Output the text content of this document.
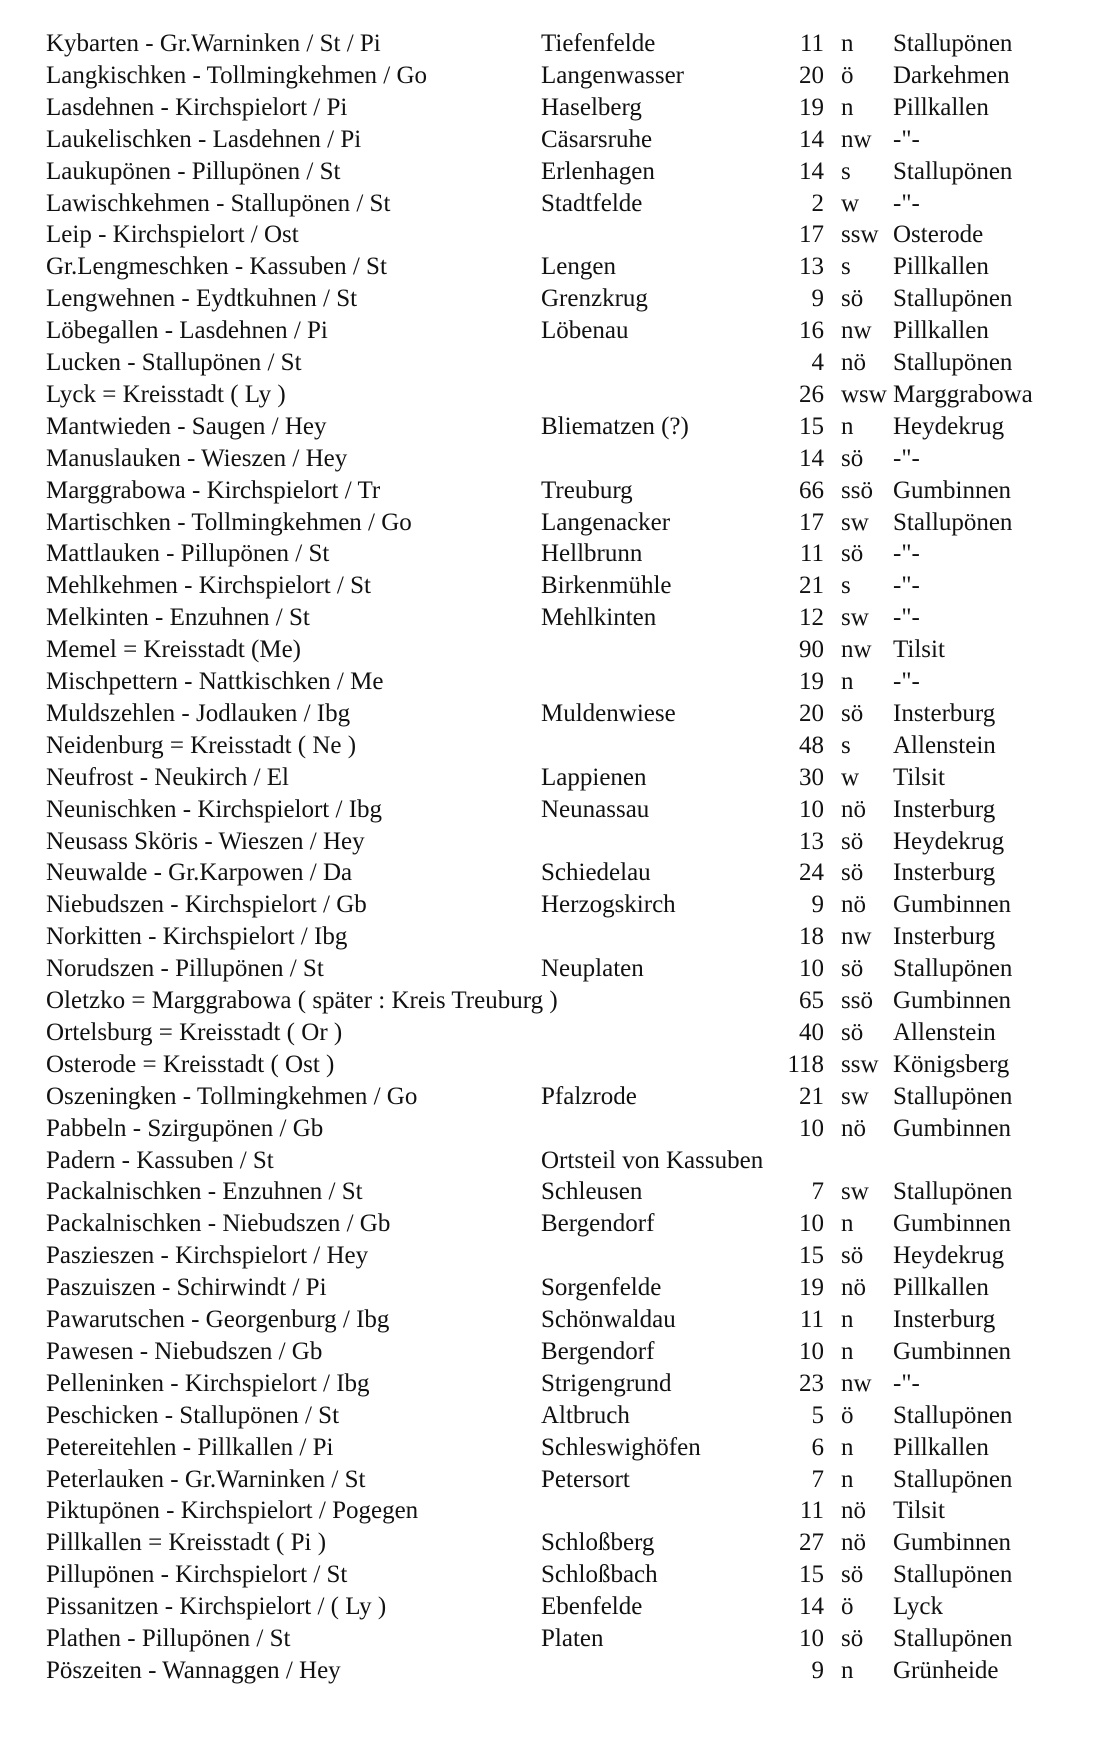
Kybarten - Gr.Warninken / St / Pi	Tiefenfelde	11 n Stallupönen
Langkischken - Tollmingkehmen / Go	Langenwasser	20 ö Darkehmen
Lasdehnen - Kirchspielort / Pi	Haselberg	19 n Pillkallen
Laukelischken - Lasdehnen / Pi	Cäsarsruhe	14 nw -"-
Laukupönen - Pillupönen / St	Erlenhagen	14 s Stallupönen
Lawischkehmen - Stallupönen / St	Stadtfelde	2 w -"-
Leip - Kirchspielort / Ost	17 ssw Osterode
Gr.Lengmeschken - Kassuben / St	Lengen	13 s Pillkallen
Lengwehnen - Eydtkuhnen / St	Grenzkrug	9 sö Stallupönen
Löbegallen - Lasdehnen / Pi	Löbenau	16 nw Pillkallen
Lucken - Stallupönen / St	4 nö Stallupönen
Lyck = Kreisstadt ( Ly )	26 wsw Marggrabowa
Mantwieden - Saugen / Hey	Bliematzen (?)	15 n Heydekrug
Manuslauken - Wieszen / Hey	14 sö -"-
Marggrabowa - Kirchspielort / Tr	Treuburg	66 ssö Gumbinnen
Martischken - Tollmingkehmen / Go	Langenacker	17 sw Stallupönen
Mattlauken - Pillupönen / St	Hellbrunn	11 sö -"-
Mehlkehmen - Kirchspielort / St	Birkenmühle	21 s -"-
Melkinten - Enzuhnen / St	Mehlkinten	12 sw -"-
Memel = Kreisstadt (Me)	90 nw Tilsit
Mischpettern - Nattkischken / Me	19 n -"-
Muldszehlen - Jodlauken / Ibg	Muldenwiese	20 sö Insterburg
Neidenburg = Kreisstadt ( Ne )	48 s Allenstein
Neufrost - Neukirch / El	Lappienen	30 w Tilsit
Neunischken - Kirchspielort / Ibg	Neunassau	10 nö Insterburg
Neusass Sköris - Wieszen / Hey	13 sö Heydekrug
Neuwalde - Gr.Karpowen / Da	Schiedelau	24 sö Insterburg
Niebudszen - Kirchspielort / Gb	Herzogskirch	9 nö Gumbinnen
Norkitten - Kirchspielort / Ibg	18 nw Insterburg
Norudszen - Pillupönen / St	Neuplaten	10 sö Stallupönen
Oletzko = Marggrabowa ( später : Kreis Treuburg )	65 ssö Gumbinnen
Ortelsburg = Kreisstadt ( Or )	40 sö Allenstein
Osterode = Kreisstadt ( Ost )	118 ssw Königsberg
Oszeningken - Tollmingkehmen / Go	Pfalzrode	21 sw Stallupönen
Pabbeln - Szirgupönen / Gb	10 nö Gumbinnen
Padern - Kassuben / St	Ortsteil von Kassuben
Packalnischken - Enzuhnen / St	Schleusen	7 sw Stallupönen
Packalnischken - Niebudszen / Gb	Bergendorf	10 n Gumbinnen
Paszieszen - Kirchspielort / Hey	15 sö Heydekrug
Paszuiszen - Schirwindt / Pi	Sorgenfelde	19 nö Pillkallen
Pawarutschen - Georgenburg / Ibg	Schönwaldau	11 n Insterburg
Pawesen - Niebudszen / Gb	Bergendorf	10 n Gumbinnen
Pelleninken - Kirchspielort / Ibg	Strigengrund	23 nw -"-
Peschicken - Stallupönen / St	Altbruch	5 ö Stallupönen
Petereitehlen - Pillkallen / Pi	Schleswighöfen	6 n Pillkallen
Peterlauken - Gr.Warninken / St	Petersort	7 n Stallupönen
Piktupönen - Kirchspielort / Pogegen	11 nö Tilsit
Pillkallen = Kreisstadt ( Pi )	Schloßberg	27 nö Gumbinnen
Pillupönen - Kirchspielort / St	Schloßbach	15 sö Stallupönen
Pissanitzen - Kirchspielort / ( Ly )	Ebenfelde	14 ö Lyck
Plathen - Pillupönen / St	Platen	10 sö Stallupönen
Pöszeiten - Wannaggen / Hey	9 n Grünheide
